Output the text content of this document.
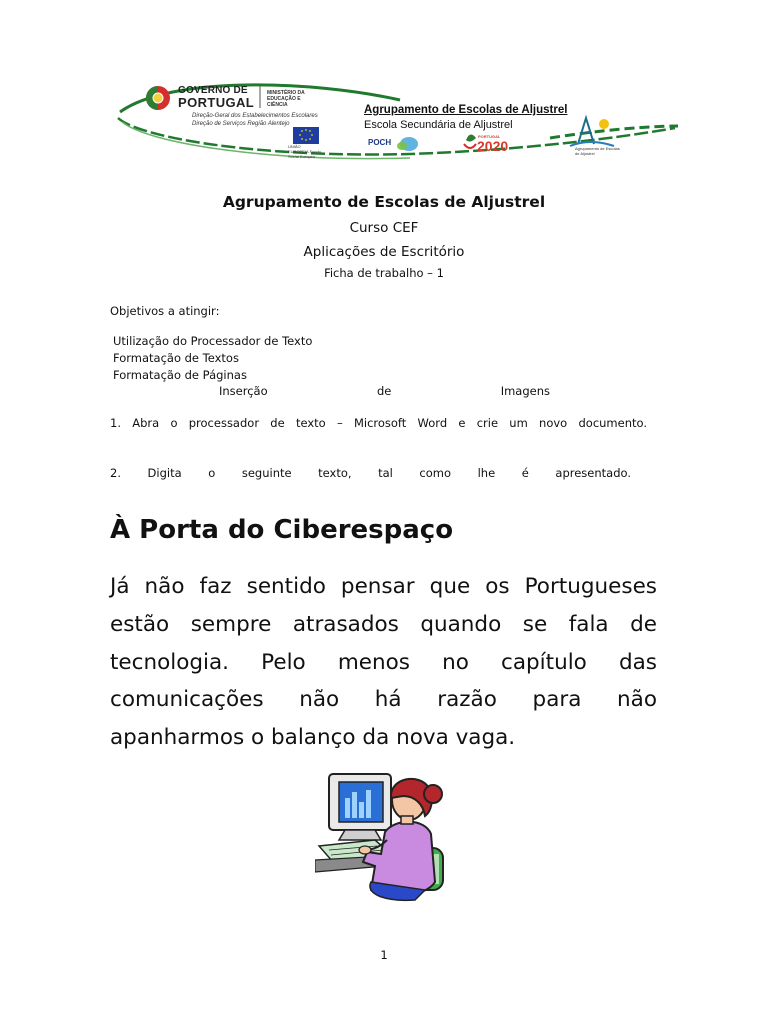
GOVERNO DE
PORTUGAL
MINISTÉRIO DA EDUCAÇÃO E CIÊNCIA
Direção-Geral dos Estabelecimentos Escolares
Direção de Serviços Região Alentejo
UNIÃO EUROPEIA Fundo Social Europeu
Agrupamento de Escolas de Aljustrel
Escola Secundária de Aljustrel
POCH
PORTUGAL
2020	Agrupamento de Escolas de Aljustrel
Agrupamento de Escolas de Aljustrel
Curso CEF
Aplicações de Escritório
Ficha de trabalho – 1
Objetivos a atingir:
Utilização do Processador de Texto
Formatação de Textos
Formatação de Páginas
Inserção	de	Imagens
1. Abra o processador de texto – Microsoft Word e crie um novo documento.
2. Digita o seguinte texto, tal como lhe é apresentado.
À Porta do Ciberespaço
Já não faz sentido pensar que os Portugueses
estão sempre atrasados quando se fala de
tecnologia. Pelo menos no capítulo das
comunicações não há razão para não
apanharmos o balanço da nova vaga.
1
